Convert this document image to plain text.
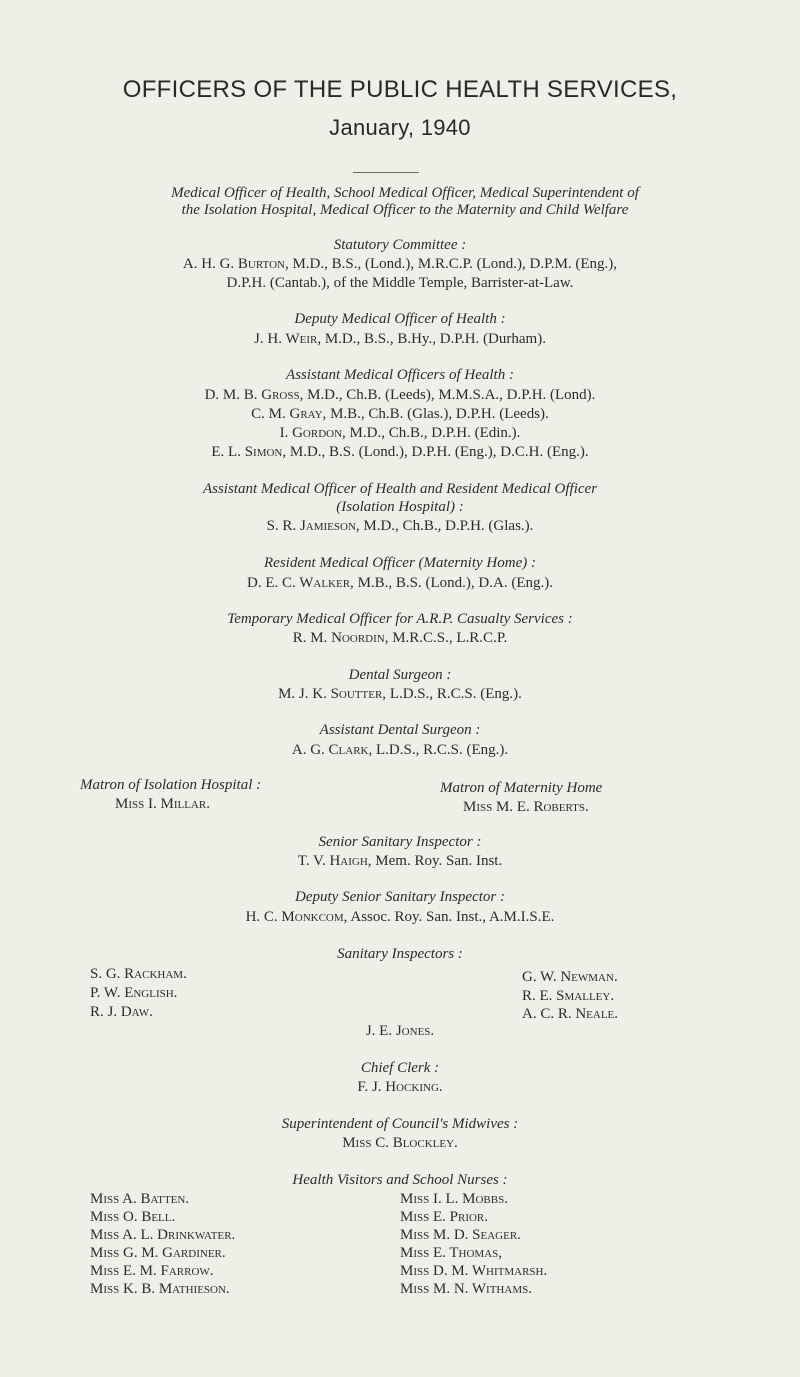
OFFICERS OF THE PUBLIC HEALTH SERVICES,
January, 1940
Medical Officer of Health, School Medical Officer, Medical Superintendent of
the Isolation Hospital, Medical Officer to the Maternity and Child Welfare
Statutory Committee :
A. H. G. Burton, M.D., B.S., (Lond.), M.R.C.P. (Lond.), D.P.M. (Eng.),
D.P.H. (Cantab.), of the Middle Temple, Barrister-at-Law.
Deputy Medical Officer of Health :
J. H. Weir, M.D., B.S., B.Hy., D.P.H. (Durham).
Assistant Medical Officers of Health :
D. M. B. Gross, M.D., Ch.B. (Leeds), M.M.S.A., D.P.H. (Lond).
C. M. Gray, M.B., Ch.B. (Glas.), D.P.H. (Leeds).
I. Gordon, M.D., Ch.B., D.P.H. (Edin.).
E. L. Simon, M.D., B.S. (Lond.), D.P.H. (Eng.), D.C.H. (Eng.).
Assistant Medical Officer of Health and Resident Medical Officer
(Isolation Hospital) :
S. R. Jamieson, M.D., Ch.B., D.P.H. (Glas.).
Resident Medical Officer (Maternity Home) :
D. E. C. Walker, M.B., B.S. (Lond.), D.A. (Eng.).
Temporary Medical Officer for A.R.P. Casualty Services :
R. M. Noordin, M.R.C.S., L.R.C.P.
Dental Surgeon :
M. J. K. Soutter, L.D.S., R.C.S. (Eng.).
Assistant Dental Surgeon :
A. G. Clark, L.D.S., R.C.S. (Eng.).
Matron of Isolation Hospital :
Miss I. Millar.
Matron of Maternity Home
Miss M. E. Roberts.
Senior Sanitary Inspector :
T. V. Haigh, Mem. Roy. San. Inst.
Deputy Senior Sanitary Inspector :
H. C. Monkcom, Assoc. Roy. San. Inst., A.M.I.S.E.
Sanitary Inspectors :
S. G. Rackham.
P. W. English.
R. J. Daw.
G. W. Newman.
R. E. Smalley.
A. C. R. Neale.
J. E. Jones.
Chief Clerk :
F. J. Hocking.
Superintendent of Council's Midwives :
Miss C. Blockley.
Health Visitors and School Nurses :
Miss A. Batten.
Miss O. Bell.
Miss A. L. Drinkwater.
Miss G. M. Gardiner.
Miss E. M. Farrow.
Miss K. B. Mathieson.
Miss I. L. Mobbs.
Miss E. Prior.
Miss M. D. Seager.
Miss E. Thomas,
Miss D. M. Whitmarsh.
Miss M. N. Withams.
